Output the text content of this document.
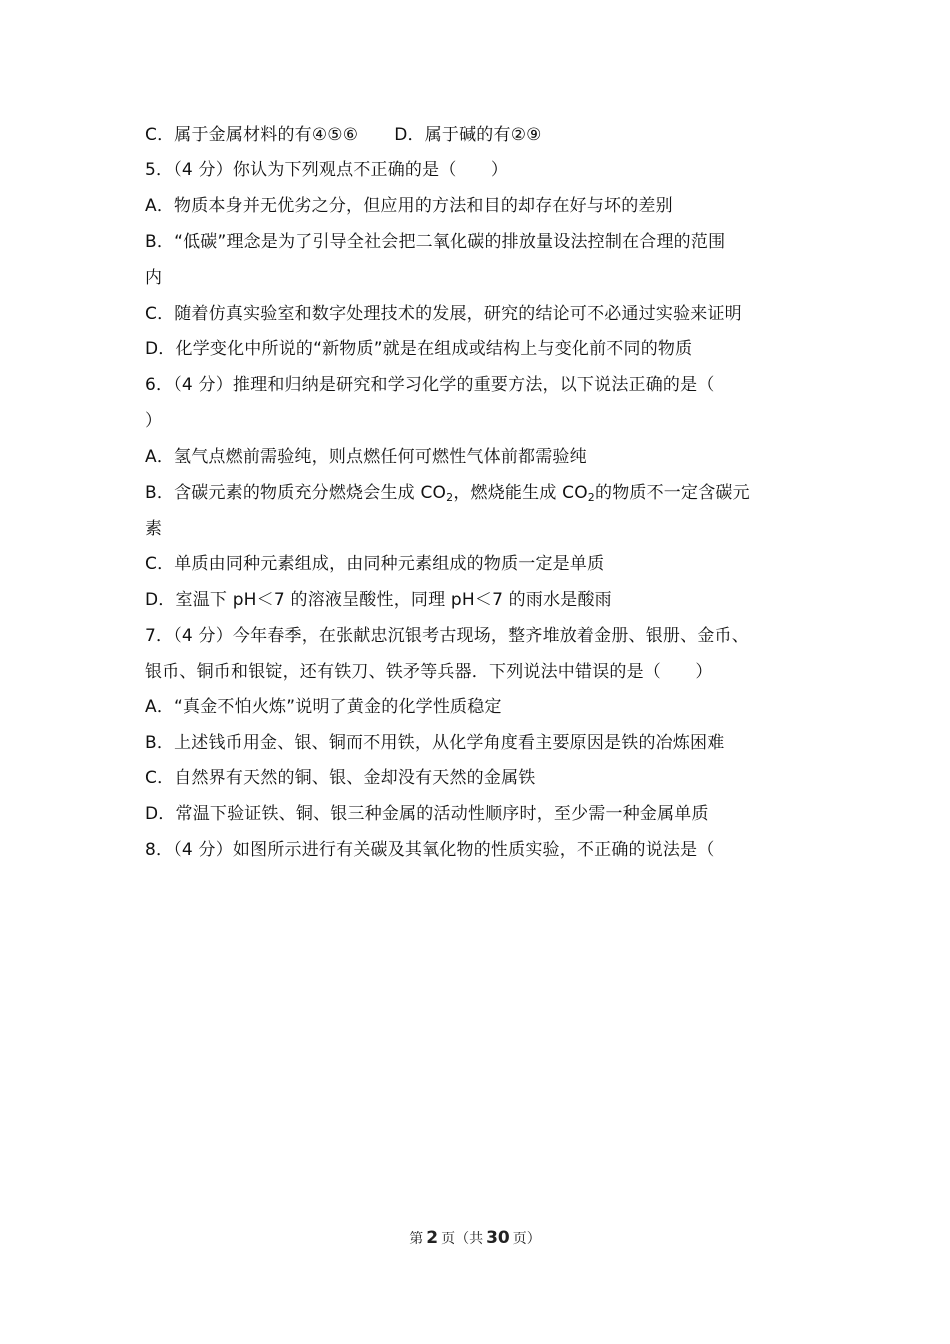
C．属于金属材料的有④⑤⑥ D．属于碱的有②⑨
5．（4 分）你认为下列观点不正确的是（　　）
A．物质本身并无优劣之分，但应用的方法和目的却存在好与坏的差别
B．“低碳”理念是为了引导全社会把二氧化碳的排放量设法控制在合理的范围
内
C．随着仿真实验室和数字处理技术的发展，研究的结论可不必通过实验来证明
D．化学变化中所说的“新物质”就是在组成或结构上与变化前不同的物质
6．（4 分）推理和归纳是研究和学习化学的重要方法，以下说法正确的是（
）
A．氢气点燃前需验纯，则点燃任何可燃性气体前都需验纯
B．含碳元素的物质充分燃烧会生成 $CO_2$，燃烧能生成 $CO_2$的物质不一定含碳元
素
C．单质由同种元素组成，由同种元素组成的物质一定是单质
D．室温下 pH＜7 的溶液呈酸性，同理 pH＜7 的雨水是酸雨
7．（4 分）今年春季，在张献忠沉银考古现场，整齐堆放着金册、银册、金币、
银币、铜币和银锭，还有铁刀、铁矛等兵器．下列说法中错误的是（　　）
A．“真金不怕火炼”说明了黄金的化学性质稳定
B．上述钱币用金、银、铜而不用铁，从化学角度看主要原因是铁的冶炼困难
C．自然界有天然的铜、银、金却没有天然的金属铁
D．常温下验证铁、铜、银三种金属的活动性顺序时，至少需一种金属单质
8．（4 分）如图所示进行有关碳及其氧化物的性质实验，不正确的说法是（
第 2 页（共 30 页）
